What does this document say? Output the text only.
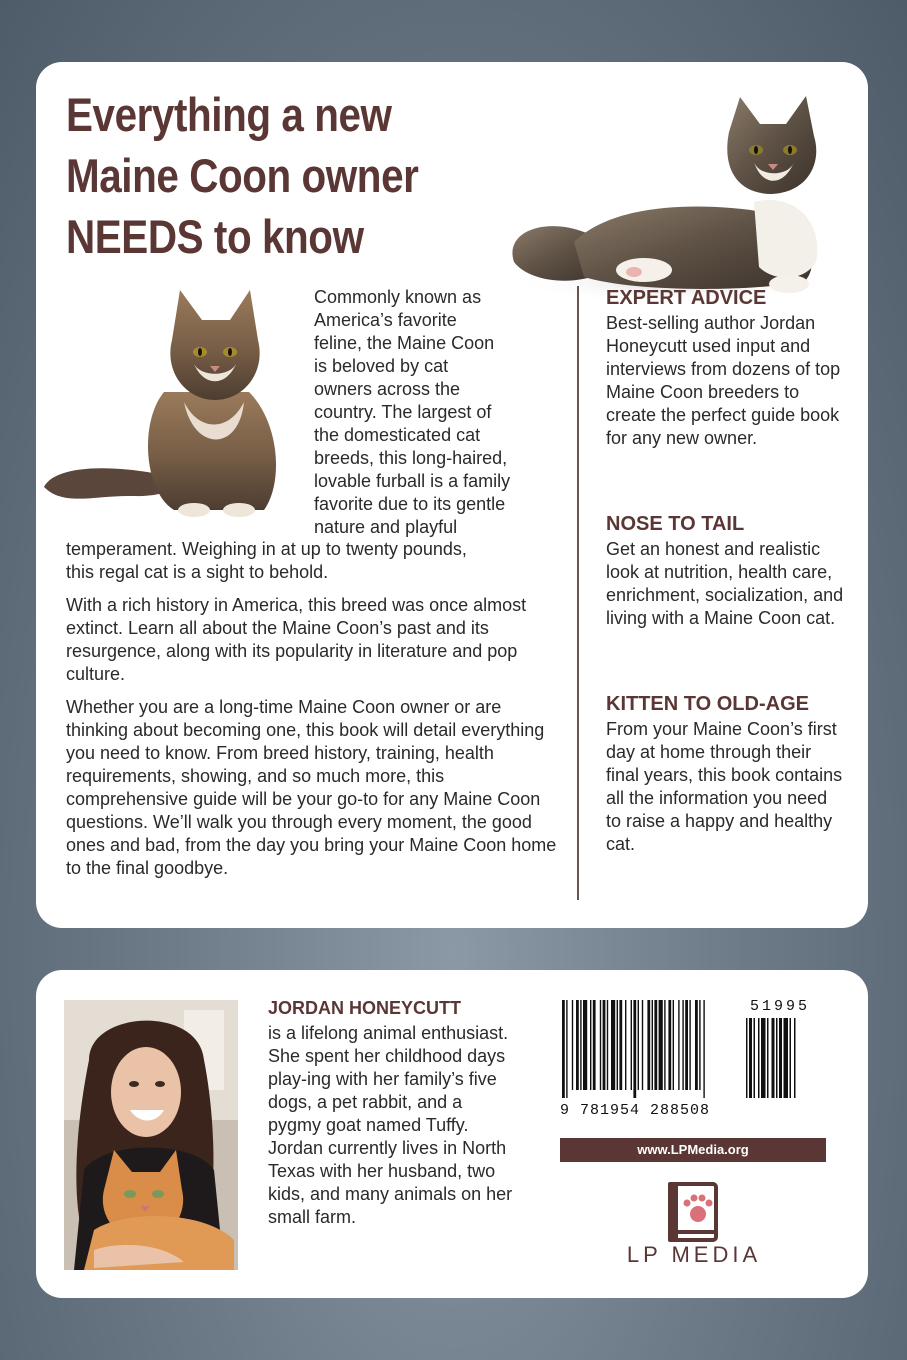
Everything a new
Maine Coon owner
NEEDS to know
Commonly known as
America’s favorite
feline, the Maine Coon
is beloved by cat
owners across the
country. The largest of
the domesticated cat
breeds, this long-haired,
lovable furball is a family
favorite due to its gentle
nature and playful
temperament. Weighing in at up to twenty pounds,
this regal cat is a sight to behold.
With a rich history in America, this breed was once almost extinct. Learn all about the Maine Coon’s past and its resurgence, along with its popularity in literature and pop culture.
Whether you are a long-time Maine Coon owner or are thinking about becoming one, this book will detail everything you need to know. From breed history, training, health requirements, showing, and so much more, this comprehensive guide will be your go-to for any Maine Coon questions. We’ll walk you through every moment, the good ones and bad, from the day you bring your Maine Coon home to the final goodbye.
EXPERT ADVICE

Best-selling author Jordan Honeycutt used input and interviews from dozens of top Maine Coon breeders to create the perfect guide book for any new owner.

NOSE TO TAIL

Get an honest and realistic look at nutrition, health care, enrichment, socialization, and living with a Maine Coon cat.

KITTEN TO OLD-AGE

From your Maine Coon’s first day at home through their final years, this book contains all the information you need to raise a happy and healthy cat.

JORDAN HONEYCUTT
is a lifelong animal enthusiast. She spent her childhood days play-ing with her family’s five dogs, a pet rabbit, and a pygmy goat named Tuffy. Jordan currently lives in North Texas with her husband, two kids, and many animals on her small farm.
51995
9 781954 288508
www.LPMedia.org
LP MEDIA
